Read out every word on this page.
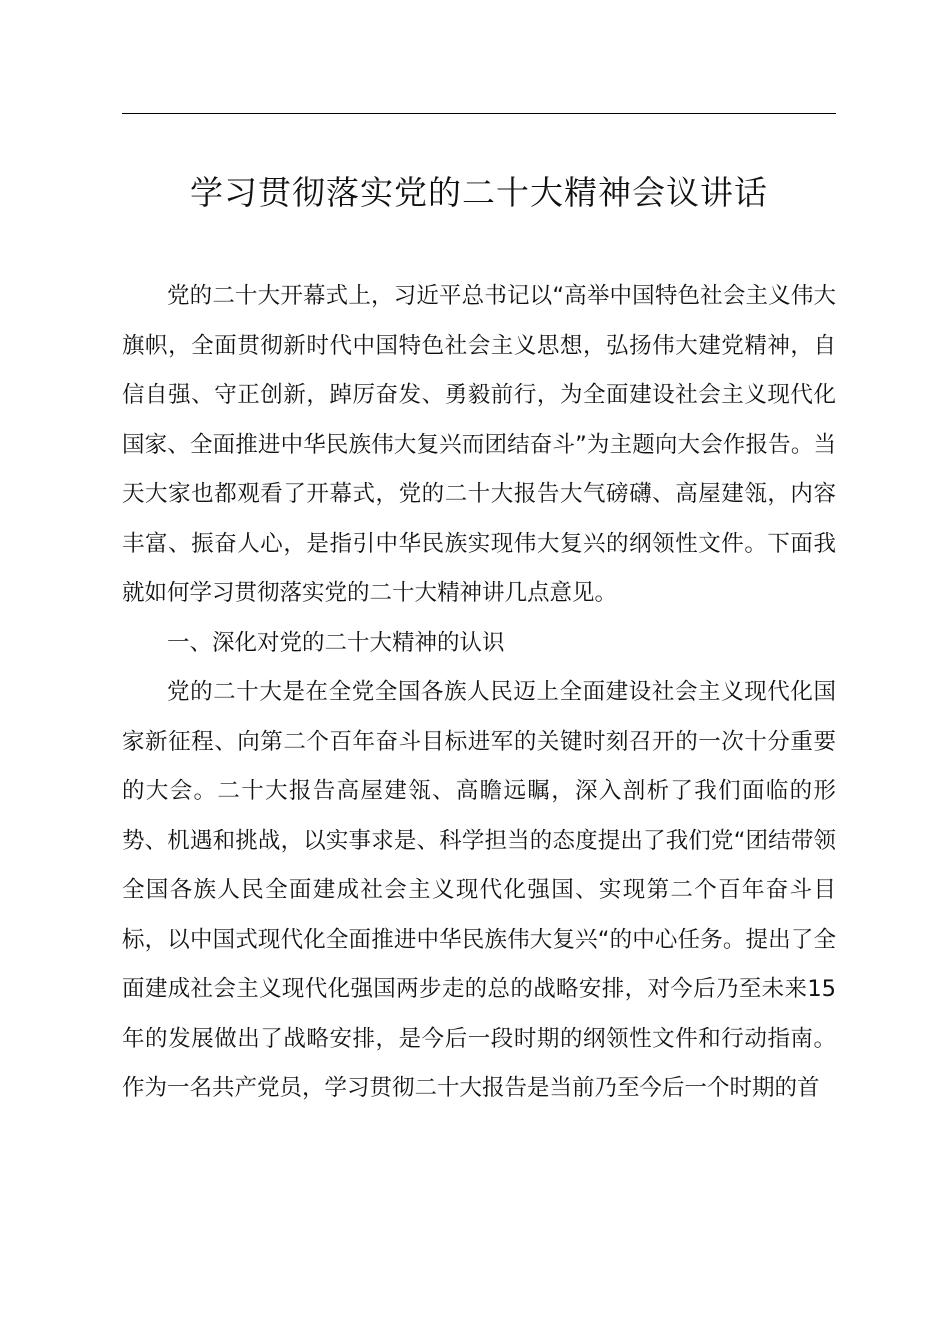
学习贯彻落实党的二十大精神会议讲话

党的二十大开幕式上，习近平总书记以“高举中国特色社会主义伟大旗帜，全面贯彻新时代中国特色社会主义思想，弘扬伟大建党精神，自信自强、守正创新，踔厉奋发、勇毅前行，为全面建设社会主义现代化国家、全面推进中华民族伟大复兴而团结奋斗”为主题向大会作报告。当天大家也都观看了开幕式，党的二十大报告大气磅礴、高屋建瓴，内容丰富、振奋人心，是指引中华民族实现伟大复兴的纲领性文件。下面我就如何学习贯彻落实党的二十大精神讲几点意见。

一、深化对党的二十大精神的认识

党的二十大是在全党全国各族人民迈上全面建设社会主义现代化国家新征程、向第二个百年奋斗目标进军的关键时刻召开的一次十分重要的大会。二十大报告高屋建瓴、高瞻远瞩，深入剖析了我们面临的形势、机遇和挑战，以实事求是、科学担当的态度提出了我们党“团结带领全国各族人民全面建成社会主义现代化强国、实现第二个百年奋斗目标，以中国式现代化全面推进中华民族伟大复兴“的中心任务。提出了全面建成社会主义现代化强国两步走的总的战略安排，对今后乃至未来15年的发展做出了战略安排，是今后一段时期的纲领性文件和行动指南。作为一名共产党员，学习贯彻二十大报告是当前乃至今后一个时期的首
